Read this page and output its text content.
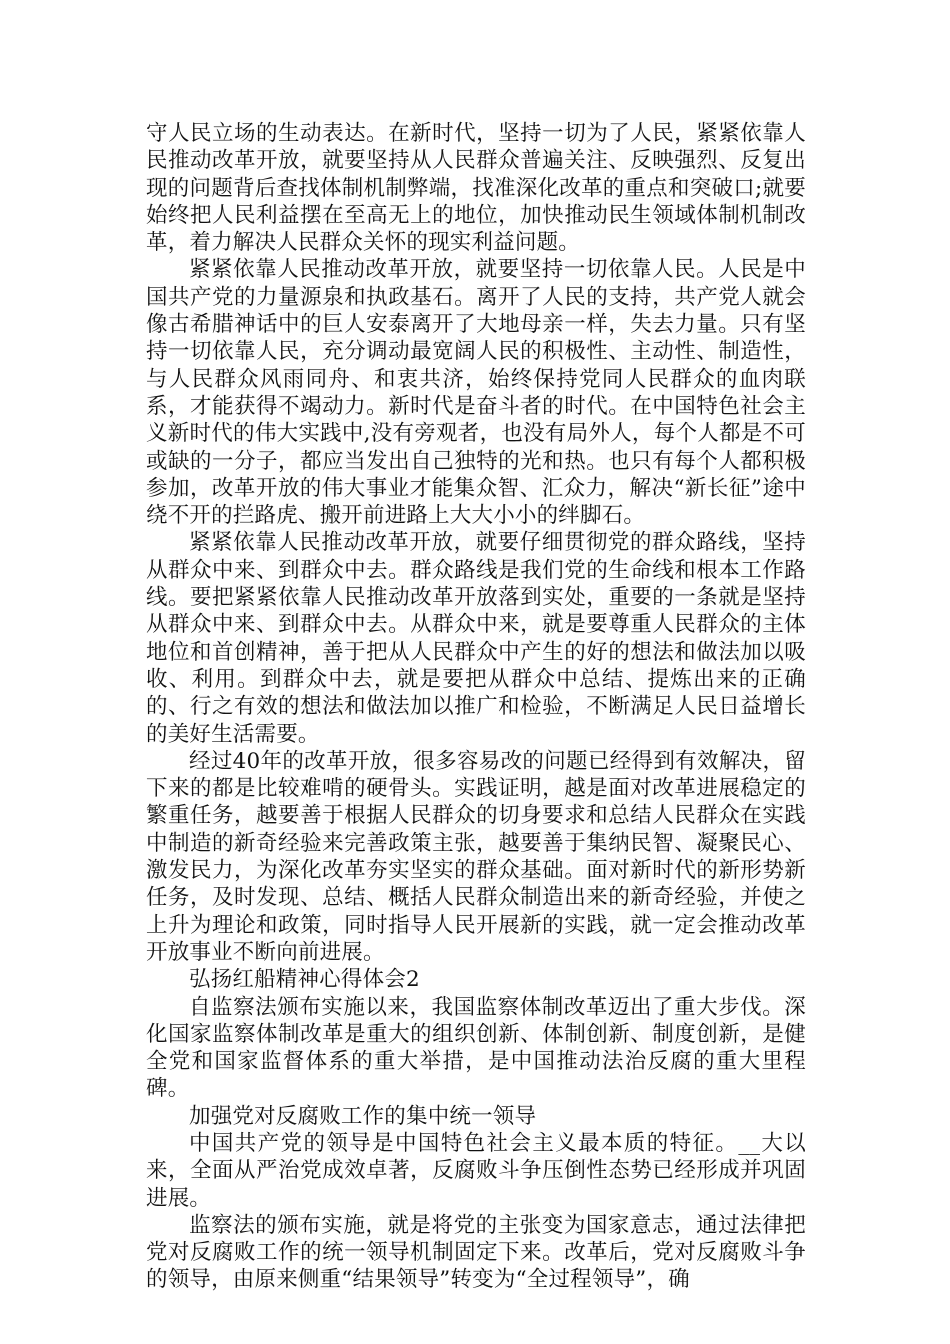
守人民立场的生动表达。在新时代，坚持一切为了人民，紧紧依靠人民推动改革开放，就要坚持从人民群众普遍关注、反映强烈、反复出现的问题背后查找体制机制弊端，找准深化改革的重点和突破口;就要始终把人民利益摆在至高无上的地位，加快推动民生领域体制机制改革，着力解决人民群众关怀的现实利益问题。

紧紧依靠人民推动改革开放，就要坚持一切依靠人民。人民是中国共产党的力量源泉和执政基石。离开了人民的支持，共产党人就会像古希腊神话中的巨人安泰离开了大地母亲一样，失去力量。只有坚持一切依靠人民，充分调动最宽阔人民的积极性、主动性、制造性，与人民群众风雨同舟、和衷共济，始终保持党同人民群众的血肉联系，才能获得不竭动力。新时代是奋斗者的时代。在中国特色社会主义新时代的伟大实践中,没有旁观者，也没有局外人，每个人都是不可或缺的一分子，都应当发出自己独特的光和热。也只有每个人都积极参加，改革开放的伟大事业才能集众智、汇众力，解决“新长征”途中绕不开的拦路虎、搬开前进路上大大小小的绊脚石。

紧紧依靠人民推动改革开放，就要仔细贯彻党的群众路线，坚持从群众中来、到群众中去。群众路线是我们党的生命线和根本工作路线。要把紧紧依靠人民推动改革开放落到实处，重要的一条就是坚持从群众中来、到群众中去。从群众中来，就是要尊重人民群众的主体地位和首创精神，善于把从人民群众中产生的好的想法和做法加以吸收、利用。到群众中去，就是要把从群众中总结、提炼出来的正确的、行之有效的想法和做法加以推广和检验，不断满足人民日益增长的美好生活需要。

经过40年的改革开放，很多容易改的问题已经得到有效解决，留下来的都是比较难啃的硬骨头。实践证明，越是面对改革进展稳定的繁重任务，越要善于根据人民群众的切身要求和总结人民群众在实践中制造的新奇经验来完善政策主张，越要善于集纳民智、凝聚民心、激发民力，为深化改革夯实坚实的群众基础。面对新时代的新形势新任务，及时发现、总结、概括人民群众制造出来的新奇经验，并使之上升为理论和政策，同时指导人民开展新的实践，就一定会推动改革开放事业不断向前进展。

弘扬红船精神心得体会2

自监察法颁布实施以来，我国监察体制改革迈出了重大步伐。深化国家监察体制改革是重大的组织创新、体制创新、制度创新，是健全党和国家监督体系的重大举措，是中国推动法治反腐的重大里程碑。

加强党对反腐败工作的集中统一领导

中国共产党的领导是中国特色社会主义最本质的特征。__大以来，全面从严治党成效卓著，反腐败斗争压倒性态势已经形成并巩固进展。

监察法的颁布实施，就是将党的主张变为国家意志，通过法律把党对反腐败工作的统一领导机制固定下来。改革后，党对反腐败斗争的领导，由原来侧重“结果领导”转变为“全过程领导”，确
